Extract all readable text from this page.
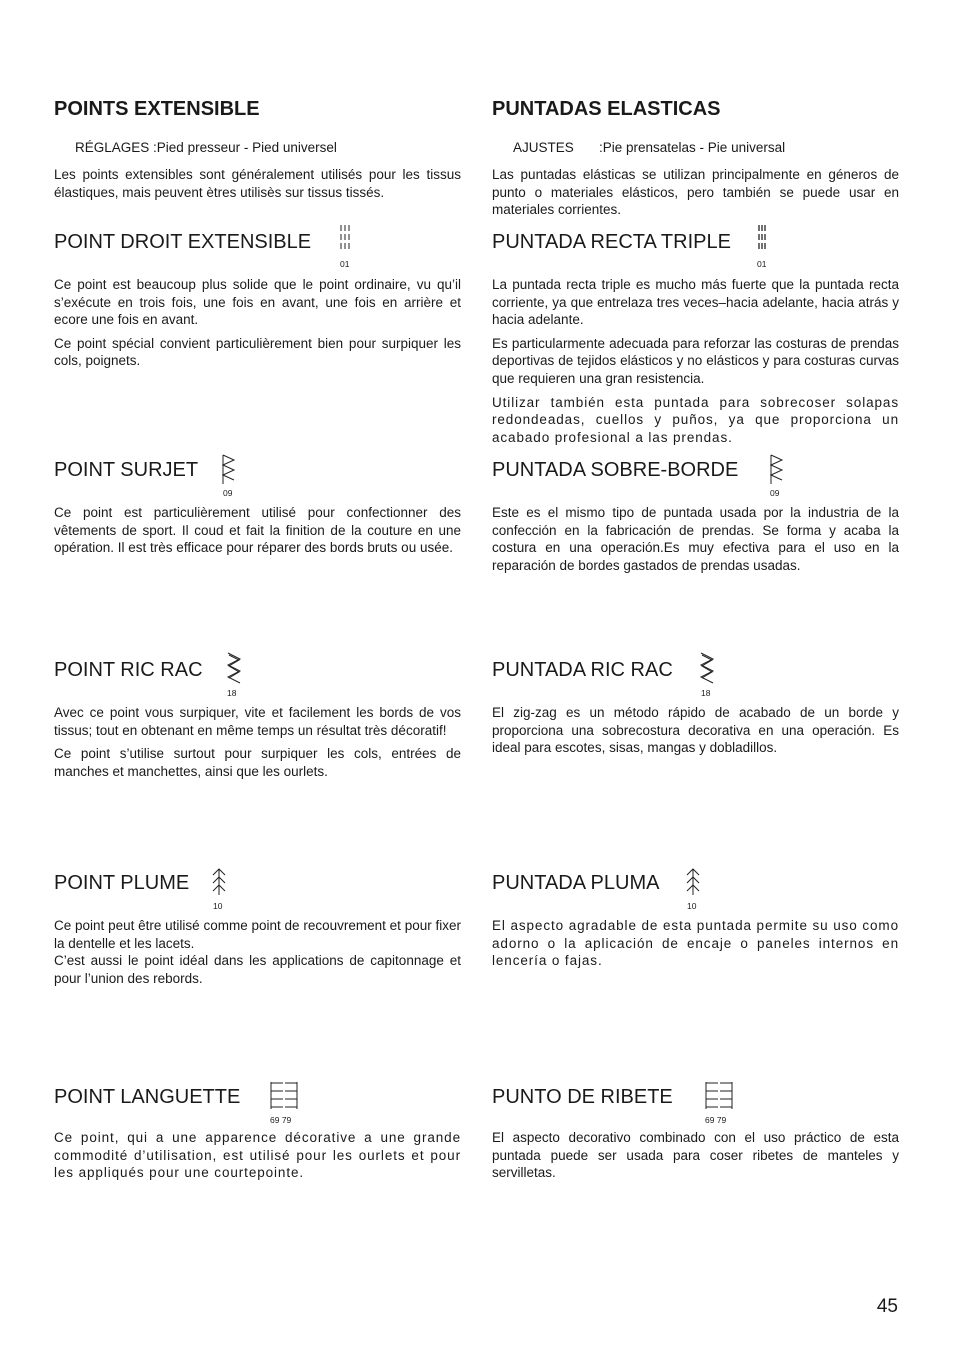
POINTS EXTENSIBLE
RÉGLAGES :Pied presseur - Pied universel

Les points extensibles sont généralement utilisés pour les tissus élastiques, mais peuvent ètres utilisès sur tissus tissés.

POINT DROIT EXTENSIBLE
01

Ce point est beaucoup plus solide que le point ordinaire, vu qu’il s’exécute en trois fois, une fois en avant, une fois en arrière et ecore une fois en avant.

Ce point spécial convient particulièrement bien pour surpiquer les cols, poignets.

POINT SURJET
09

Ce point est particulièrement utilisé pour confectionner des vêtements de sport. Il coud et fait la finition de la couture en une opération. Il est très efficace pour réparer des bords bruts ou usée.

POINT RIC RAC
18

Avec ce point vous surpiquer, vite et facilement les bords de vos tissus; tout en obtenant en même temps un résultat très décoratif!

Ce point s’utilise surtout pour surpiquer les cols, entrées de manches et manchettes, ainsi que les ourlets.

POINT PLUME
10

Ce point peut être utilisé comme point de recouvrement et pour fixer la dentelle et les lacets.
C’est aussi le point idéal dans les applications de capitonnage et pour l’union des rebords.

POINT LANGUETTE
69 79

Ce point, qui a une apparence décorative a une grande commodité d’utilisation, est utilisé pour les ourlets et pour les appliqués pour une courtepointe.

PUNTADAS ELASTICAS
AJUSTES :Pie prensatelas - Pie universal

Las puntadas elásticas se utilizan principalmente en géneros de punto o materiales elásticos, pero también se puede usar en materiales corrientes.

PUNTADA RECTA TRIPLE
01

La puntada recta triple es mucho más fuerte que la puntada recta corriente, ya que entrelaza tres veces–hacia adelante, hacia atrás y hacia adelante.

Es particularmente adecuada para reforzar las costuras de prendas deportivas de tejidos elásticos y no elásticos y para costuras curvas que requieren una gran resistencia.

Utilizar también esta puntada para sobrecoser solapas redondeadas, cuellos y puños, ya que proporciona un acabado profesional a las prendas.

PUNTADA SOBRE-BORDE
09

Este es el mismo tipo de puntada usada por la industria de la confección en la fabricación de prendas. Se forma y acaba la costura en una operación.Es muy efectiva para el uso en la reparación de bordes gastados de prendas usadas.

PUNTADA RIC RAC
18

El zig-zag es un método rápido de acabado de un borde y proporciona una sobrecostura decorativa en una operación. Es ideal para escotes, sisas, mangas y dobladillos.

PUNTADA PLUMA
10

El aspecto agradable de esta puntada permite su uso como adorno o la aplicación de encaje o paneles internos en lencería o fajas.

PUNTO DE RIBETE
69 79

El aspecto decorativo combinado con el uso práctico de esta puntada puede ser usada para coser ribetes de manteles y servilletas.

45
